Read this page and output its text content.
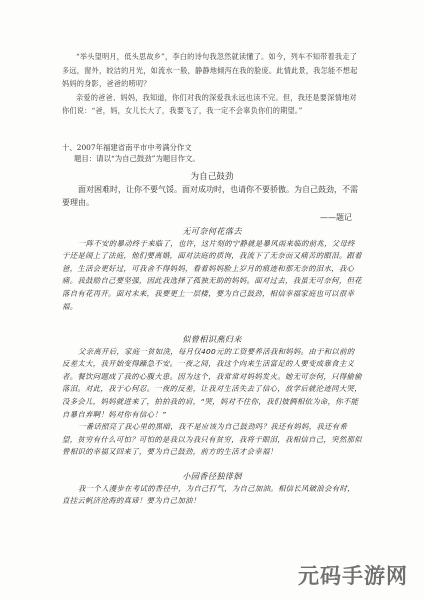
“举头望明月，低头思故乡”，李白的诗句我忽然就读懂了。如今，列车不知带着我走了多远，窗外，皎洁的月光，如流水一般，静静地倾泻在我的脸庞。此情此景，我怎能不想起妈妈的身影，爸爸的唠叨？

亲爱的爸爸、妈妈，我知道，你们对我的深爱我永远也读不完。但，我还是要深情地对你们说：“爸，妈，女儿长大了，我要飞了，我一定不会辜负你们的期望。”

十、2007年福建省南平市中考满分作文
题目：请以“为自己鼓劲”为题目作文。
为自己鼓劲

面对困难时，让你不要气馁。面对成功时，也请你不要骄傲。为自己鼓劲，不需要理由。

——题记
无可奈何花落去

一阵不安的暴动终于来临了，也许，这片刻的宁静就是暴风雨来临的前兆，父母终于还是闹上了法庭，他们要离婚，面对法庭的质询，我流下了无奈而又痛苦的眼泪。跟着爸，生活会更好过，可我舍不得妈妈，看着妈妈脸上岁月的痕迹和那无奈的泪水，我心痛。我鼓励自己要坚强，因此我选择了孤独无助的妈妈。面对过去，我虽无可奈何，但花落自有花再开。面对未来，我要更上一层楼，要为自己鼓劲，相信幸福家庭也可以很幸福。

似曾相识燕归来

父亲离开后，家庭一贫如洗，每月仅400元的工资要养活我和妈妈。由于和以前的反差太大，我开始变得躁急不安。一夜之间，我这个向来生活富足的人要变成靠食主义者。餐饮问题成了我的心腹大患。因为这个，我常常对妈妈发火。她无可奈何，只得偷偷落泪。对此，我于心何忍。一夜的反差，让我对生活失去了信心，放学后就沦迹同大哭，没多会儿，妈妈就进来了，拍拍我的肩，“哭，妈对不住你，我们彼俩相依为命，你不能自暴自弃啊！妈对你有信心！”

一番话照亮了我心里的黑暗，我不是应该为自己鼓劲吗？我还有妈妈，我还有希望，贫穷有什么可怕？可怕的是我以为我只有贫穷，我将干眼泪，我相信自己，突然那似曾相识的幸福又回来了，要为自己鼓劲，前方的生活才会幸福！

小园香径独徘徊

我一个人漫步在考试的香径中，为自己打气，为自己加油。相信长风破浪会有时，直挂云帆济沧海的真谛！要为自己加油！

元码手游网
